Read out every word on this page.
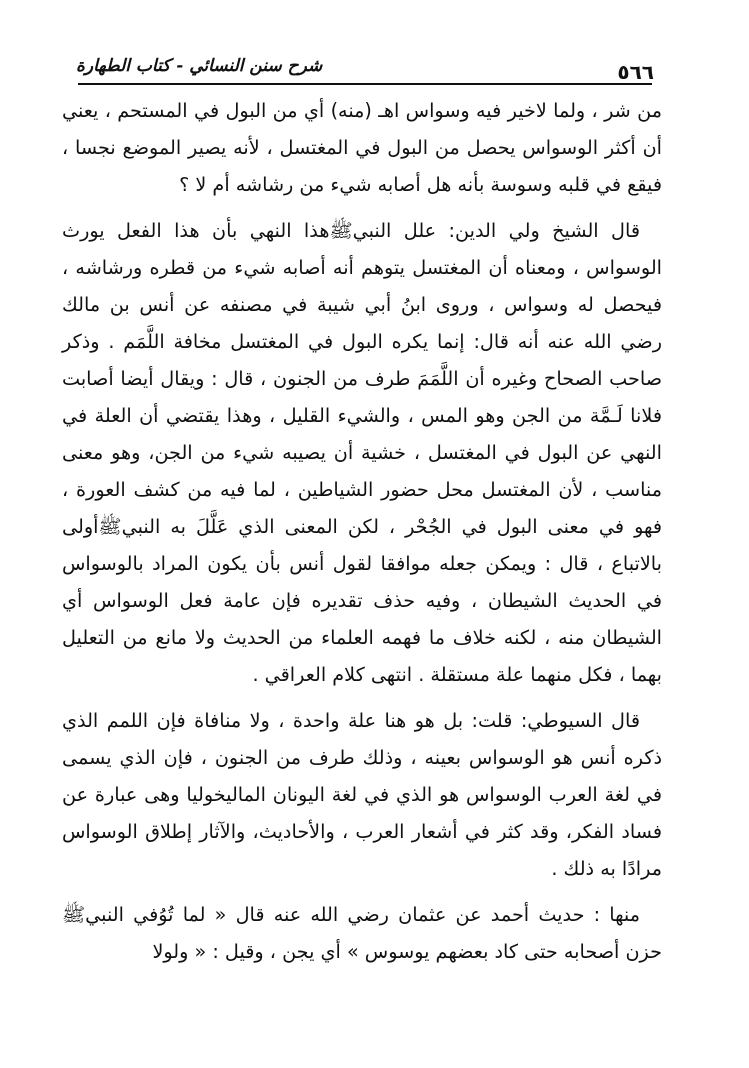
٥٦٦
شرح سنن النسائي - كتاب الطهارة

من شر ، ولما لاخير فيه وسواس اهـ (منه) أي من البول في المستحم ، يعني أن أكثر الوسواس يحصل من البول في المغتسل ، لأنه يصير الموضع نجسا ، فيقع في قلبه وسوسة بأنه هل أصابه شيء من رشاشه أم لا ؟

قال الشيخ ولي الدين: علل النبيﷺهذا النهي بأن هذا الفعل يورث الوسواس ، ومعناه أن المغتسل يتوهم أنه أصابه شيء من قطره ورشاشه ، فيحصل له وسواس ، وروى ابنُ أبي شيبة في مصنفه عن أنس بن مالك رضي الله عنه أنه قال: إنما يكره البول في المغتسل مخافة اللَّمَم . وذكر صاحب الصحاح وغيره أن اللَّمَمَ طرف من الجنون ، قال : ويقال أيضا أصابت فلانا لَـمَّة من الجن وهو المس ، والشيء القليل ، وهذا يقتضي أن العلة في النهي عن البول في المغتسل ، خشية أن يصيبه شيء من الجن، وهو معنى مناسب ، لأن المغتسل محل حضور الشياطين ، لما فيه من كشف العورة ، فهو في معنى البول في الجُحْر ، لكن المعنى الذي عَلَّلَ به النبيﷺأولى بالاتباع ، قال : ويمكن جعله موافقا لقول أنس بأن يكون المراد بالوسواس في الحديث الشيطان ، وفيه حذف تقديره فإن عامة فعل الوسواس أي الشيطان منه ، لكنه خلاف ما فهمه العلماء من الحديث ولا مانع من التعليل بهما ، فكل منهما علة مستقلة . انتهى كلام العراقي .

قال السيوطي: قلت: بل هو هنا علة واحدة ، ولا منافاة فإن اللمم الذي ذكره أنس هو الوسواس بعينه ، وذلك طرف من الجنون ، فإن الذي يسمى في لغة العرب الوسواس هو الذي في لغة اليونان الماليخوليا وهى عبارة عن فساد الفكر، وقد كثر في أشعار العرب ، والأحاديث، والآثار إطلاق الوسواس مرادًا به ذلك .

منها : حديث أحمد عن عثمان رضي الله عنه قال « لما تُوُفي النبيﷺ حزن أصحابه حتى كاد بعضهم يوسوس » أي يجن ، وقيل : « ولولا
